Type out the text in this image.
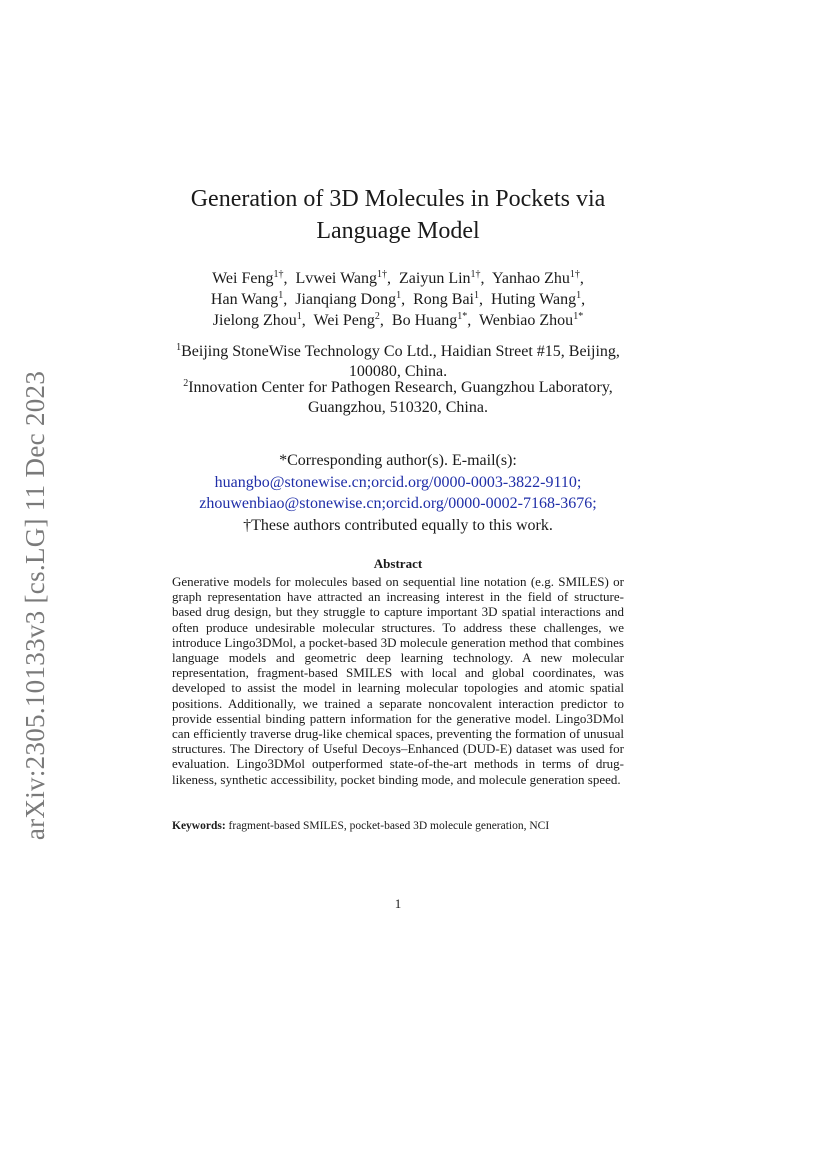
arXiv:2305.10133v3 [cs.LG] 11 Dec 2023
Generation of 3D Molecules in Pockets via Language Model
Wei Feng$^{1\dagger}$, Lvwei Wang$^{1\dagger}$, Zaiyun Lin$^{1\dagger}$, Yanhao Zhu$^{1\dagger}$,
Han Wang$^1$, Jianqiang Dong$^1$, Rong Bai$^1$, Huting Wang$^1$,
Jielong Zhou$^1$, Wei Peng$^2$, Bo Huang$^{1*}$, Wenbiao Zhou$^{1*}$
$^1$Beijing StoneWise Technology Co Ltd., Haidian Street #15, Beijing,
100080, China.
$^2$Innovation Center for Pathogen Research, Guangzhou Laboratory,
Guangzhou, 510320, China.
*Corresponding author(s). E-mail(s):
huangbo@stonewise.cn;orcid.org/0000-0003-3822-9110;
zhouwenbiao@stonewise.cn;orcid.org/0000-0002-7168-3676;
†These authors contributed equally to this work.
Abstract

Generative models for molecules based on sequential line notation (e.g. SMILES) or graph representation have attracted an increasing interest in the field of structure-based drug design, but they struggle to capture important 3D spatial interactions and often produce undesirable molecular structures. To address these challenges, we introduce Lingo3DMol, a pocket-based 3D molecule generation method that combines language models and geometric deep learning technology. A new molecular representation, fragment-based SMILES with local and global coordinates, was developed to assist the model in learning molecular topologies and atomic spatial positions. Additionally, we trained a separate noncovalent interaction predictor to provide essential binding pattern information for the generative model. Lingo3DMol can efficiently traverse drug-like chemical spaces, preventing the formation of unusual structures. The Directory of Useful Decoys–Enhanced (DUD-E) dataset was used for evaluation. Lingo3DMol outperformed state-of-the-art methods in terms of drug-likeness, synthetic accessibility, pocket binding mode, and molecule generation speed.

Keywords: fragment-based SMILES, pocket-based 3D molecule generation, NCI
1
